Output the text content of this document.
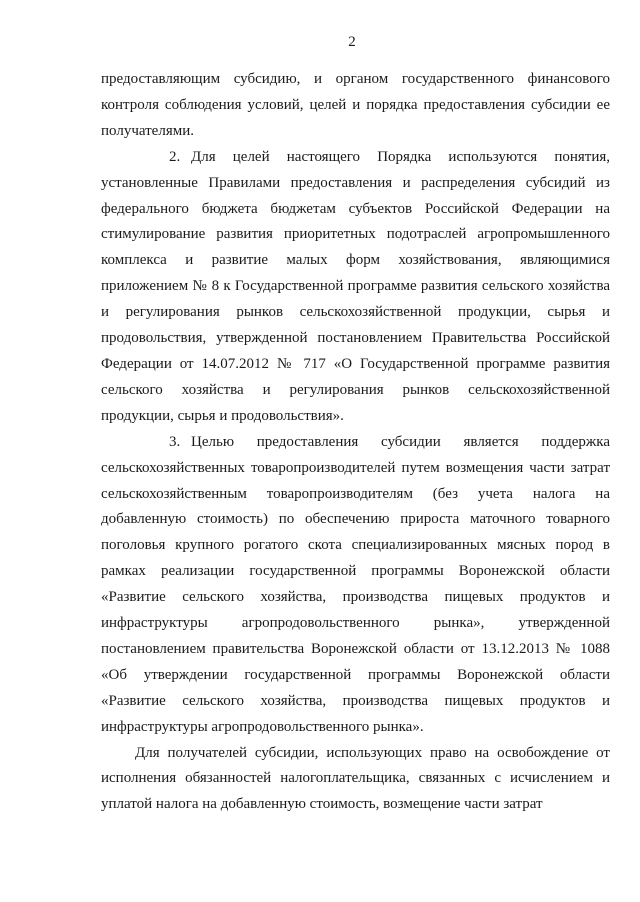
2

предоставляющим субсидию, и органом государственного финансового контроля соблюдения условий, целей и порядка предоставления субсидии ее получателями.

2. Для целей настоящего Порядка используются понятия, установленные Правилами предоставления и распределения субсидий из федерального бюджета бюджетам субъектов Российской Федерации на стимулирование развития приоритетных подотраслей агропромышленного комплекса и развитие малых форм хозяйствования, являющимися приложением № 8 к Государственной программе развития сельского хозяйства и регулирования рынков сельскохозяйственной продукции, сырья и продовольствия, утвержденной постановлением Правительства Российской Федерации от 14.07.2012 № 717 «О Государственной программе развития сельского хозяйства и регулирования рынков сельскохозяйственной продукции, сырья и продовольствия».

3. Целью предоставления субсидии является поддержка сельскохозяйственных товаропроизводителей путем возмещения части затрат сельскохозяйственным товаропроизводителям (без учета налога на добавленную стоимость) по обеспечению прироста маточного товарного поголовья крупного рогатого скота специализированных мясных пород в рамках реализации государственной программы Воронежской области «Развитие сельского хозяйства, производства пищевых продуктов и инфраструктуры агропродовольственного рынка», утвержденной постановлением правительства Воронежской области от 13.12.2013 № 1088 «Об утверждении государственной программы Воронежской области «Развитие сельского хозяйства, производства пищевых продуктов и инфраструктуры агропродовольственного рынка».

Для получателей субсидии, использующих право на освобождение от исполнения обязанностей налогоплательщика, связанных с исчислением и уплатой налога на добавленную стоимость, возмещение части затрат
